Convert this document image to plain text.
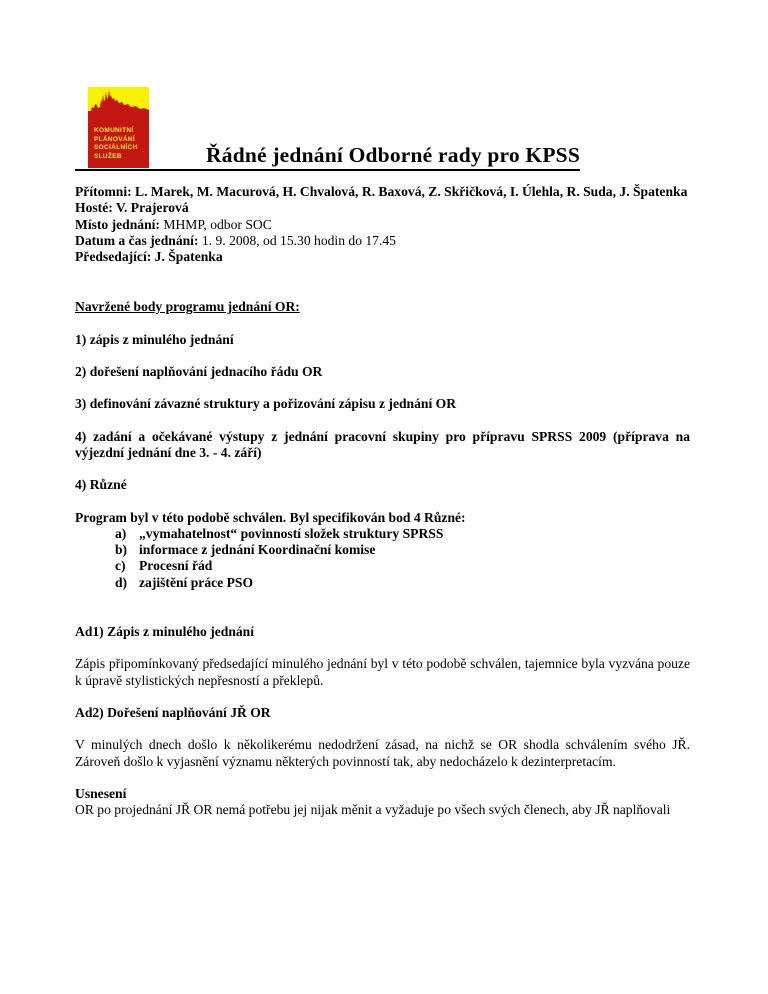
KOMUNITNÍ
PLÁNOVÁNÍ
SOCIÁLNÍCH
SLUŽEB	Řádné jednání Odborné rady pro KPSS

Přítomni: L. Marek, M. Macurová, H. Chvalová, R. Baxová, Z. Skřičková, I. Úlehla, R. Suda, J. Špatenka

Hosté: V. Prajerová

Místo jednání: MHMP, odbor SOC

Datum a čas jednání: 1. 9. 2008, od 15.30 hodin do 17.45

Předsedající: J. Špatenka

Navržené body programu jednání OR:

1) zápis z minulého jednání

2) dořešení naplňování jednacího řádu OR

3) definování závazné struktury a pořizování zápisu z jednání OR

4) zadání a očekávané výstupy z jednání pracovní skupiny pro přípravu SPRSS 2009 (příprava na výjezdní jednání dne 3. - 4. září)

4) Různé

Program byl v této podobě schválen. Byl specifikován bod 4 Různé:

a) „vymahatelnost“ povinností složek struktury SPRSS
b) informace z jednání Koordinační komise
c) Procesní řád
d) zajištění práce PSO

Ad1) Zápis z minulého jednání

Zápis připomínkovaný předsedající minulého jednání byl v této podobě schválen, tajemnice byla vyzvána pouze k úpravě stylistických nepřesností a překlepů.

Ad2) Dořešení naplňování JŘ OR

V minulých dnech došlo k několikerému nedodržení zásad, na nichž se OR shodla schválením svého JŘ. Zároveň došlo k vyjasnění významu některých povinností tak, aby nedocházelo k dezinterpretacím.

Usnesení

OR po projednání JŘ OR nemá potřebu jej nijak měnit a vyžaduje po všech svých členech, aby JŘ naplňovali
